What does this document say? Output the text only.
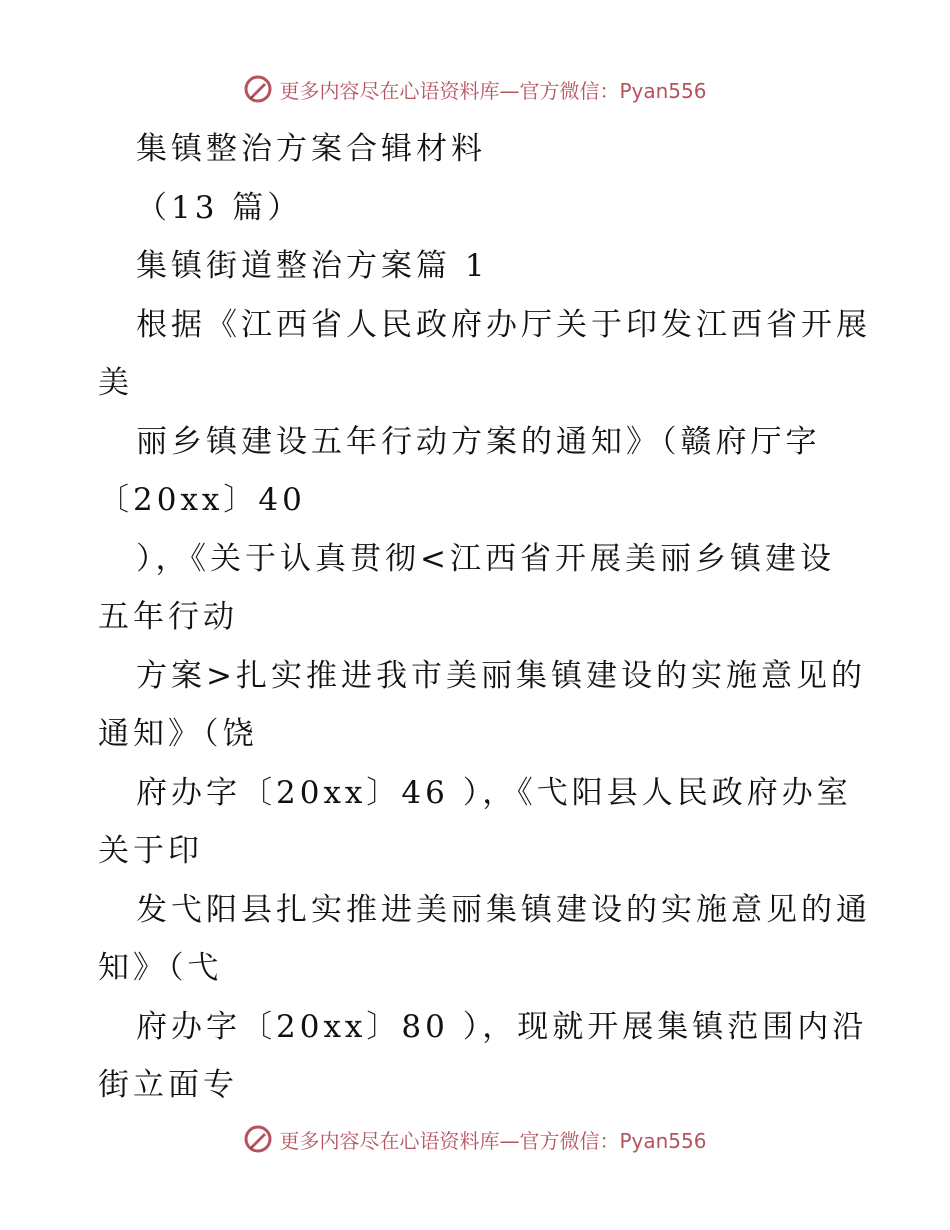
更多内容尽在心语资料库—官方微信：Pyan556
集镇整治方案合辑材料
（13 篇）
集镇街道整治方案篇 1
根据《江西省人民政府办厅关于印发江西省开展
美
丽乡镇建设五年行动方案的通知》（赣府厅字
〔20xx〕40
），《关于认真贯彻<江西省开展美丽乡镇建设
五年行动
方案>扎实推进我市美丽集镇建设的实施意见的
通知》（饶
府办字〔20xx〕46 ），《弋阳县人民政府办室
关于印
发弋阳县扎实推进美丽集镇建设的实施意见的通
知》（弋
府办字〔20xx〕80 ），现就开展集镇范围内沿
街立面专
更多内容尽在心语资料库—官方微信：Pyan556
